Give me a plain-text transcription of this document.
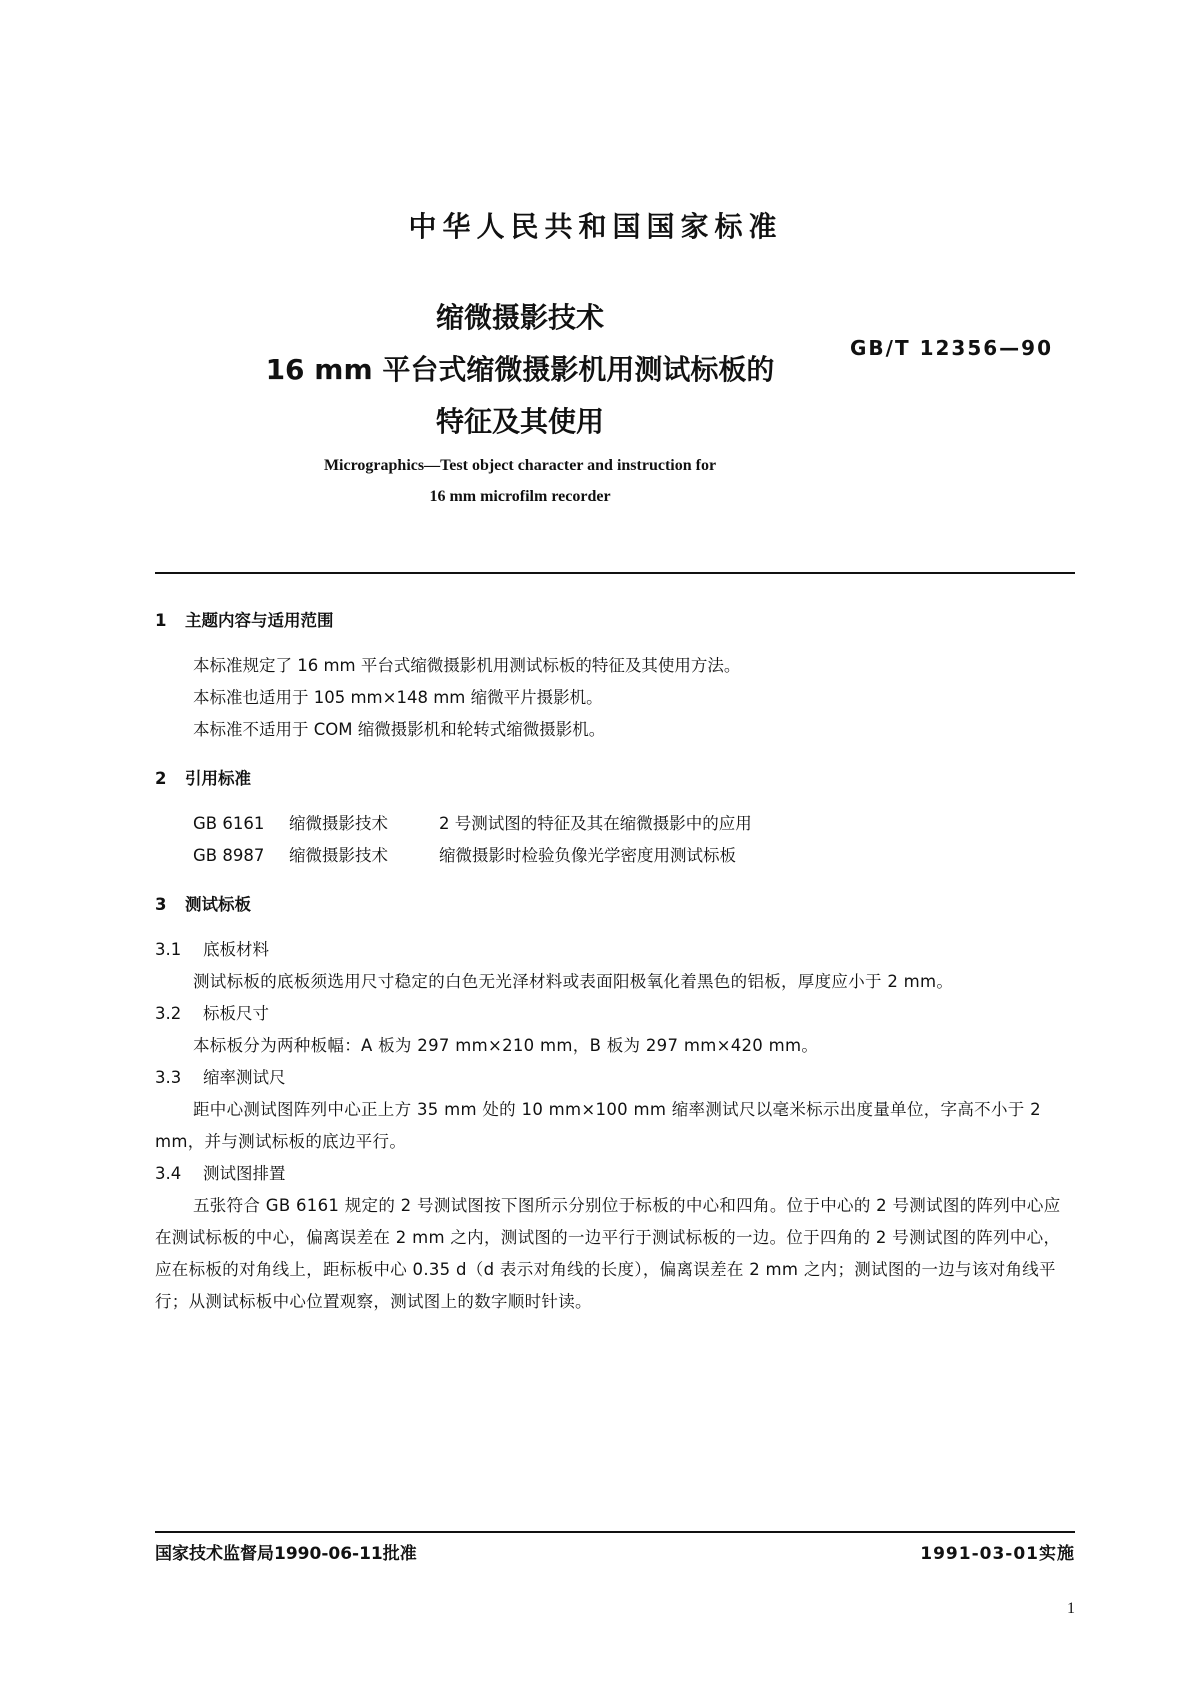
中华人民共和国国家标准
缩微摄影技术
16 mm 平台式缩微摄影机用测试标板的
特征及其使用
GB/T 12356—90
Micrographics—Test object character and instruction for
16 mm microfilm recorder
1 主题内容与适用范围

本标准规定了 16 mm 平台式缩微摄影机用测试标板的特征及其使用方法。

本标准也适用于 105 mm×148 mm 缩微平片摄影机。

本标准不适用于 COM 缩微摄影机和轮转式缩微摄影机。

2 引用标准
GB 6161 缩微摄影技术	2 号测试图的特征及其在缩微摄影中的应用
GB 8987 缩微摄影技术	缩微摄影时检验负像光学密度用测试标板
3 测试标板
3.1 底板材料

测试标板的底板须选用尺寸稳定的白色无光泽材料或表面阳极氧化着黑色的铝板，厚度应小于 2 mm。

3.2 标板尺寸

本标板分为两种板幅：A 板为 297 mm×210 mm，B 板为 297 mm×420 mm。

3.3 缩率测试尺

距中心测试图阵列中心正上方 35 mm 处的 10 mm×100 mm 缩率测试尺以毫米标示出度量单位，字高不小于 2 mm，并与测试标板的底边平行。

3.4 测试图排置

五张符合 GB 6161 规定的 2 号测试图按下图所示分别位于标板的中心和四角。位于中心的 2 号测试图的阵列中心应在测试标板的中心，偏离误差在 2 mm 之内，测试图的一边平行于测试标板的一边。位于四角的 2 号测试图的阵列中心，应在标板的对角线上，距标板中心 0.35 d（d 表示对角线的长度），偏离误差在 2 mm 之内；测试图的一边与该对角线平行；从测试标板中心位置观察，测试图上的数字顺时针读。

国家技术监督局1990-06-11批准	1991-03-01实施
1
